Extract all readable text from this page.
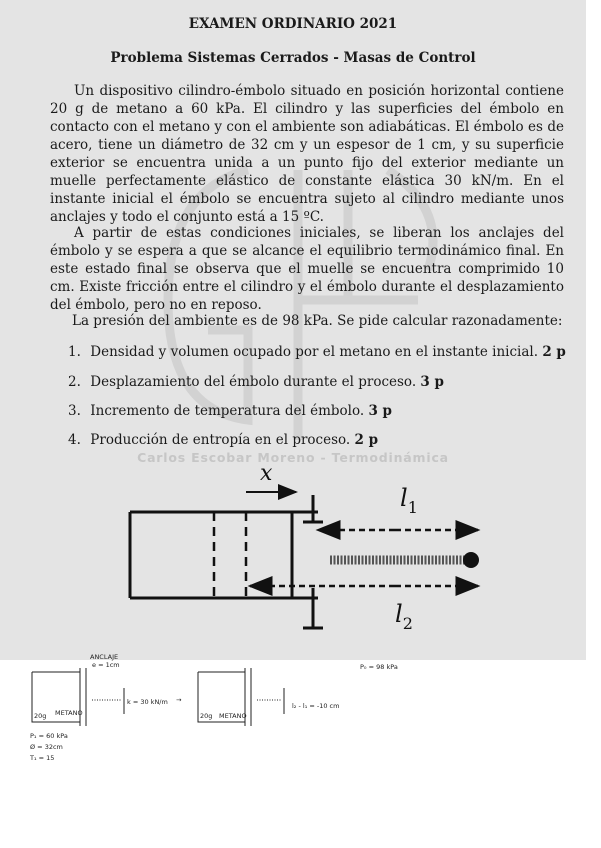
EXAMEN ORDINARIO 2021
Problema Sistemas Cerrados - Masas de Control

Un dispositivo cilindro-émbolo situado en posición horizontal contiene 20 g de metano a 60 kPa. El cilindro y las superficies del émbolo en contacto con el metano y con el ambiente son adiabáticas. El émbolo es de acero, tiene un diámetro de 32 cm y un espesor de 1 cm, y su superficie exterior se encuentra unida a un punto fijo del exterior mediante un muelle perfectamente elástico de constante elástica 30 kN/m. En el instante inicial el émbolo se encuentra sujeto al cilindro mediante unos anclajes y todo el conjunto está a 15 ºC.

A partir de estas condiciones iniciales, se liberan los anclajes del émbolo y se espera a que se alcance el equilibrio termodinámico final. En este estado final se observa que el muelle se encuentra comprimido 10 cm. Existe fricción entre el cilindro y el émbolo durante el desplazamiento del émbolo, pero no en reposo.

La presión del ambiente es de 98 kPa. Se pide calcular razonadamente:

1. Densidad y volumen ocupado por el metano en el instante inicial. 2 p
2. Desplazamiento del émbolo durante el proceso. 3 p
3. Incremento de temperatura del émbolo. 3 p
4. Producción de entropía en el proceso. 2 p
Carlos Escobar Moreno - Termodinámica
x
$l_1$
$l_2$
ANCLAJE
e = 1cm
k = 30 kN/m
20g METANO
P₁ = 60 kPa
Ø = 32cm
T₁ = 15
→
20g METANO
l₂ - l₁ = -10 cm
P₀ = 98 kPa
